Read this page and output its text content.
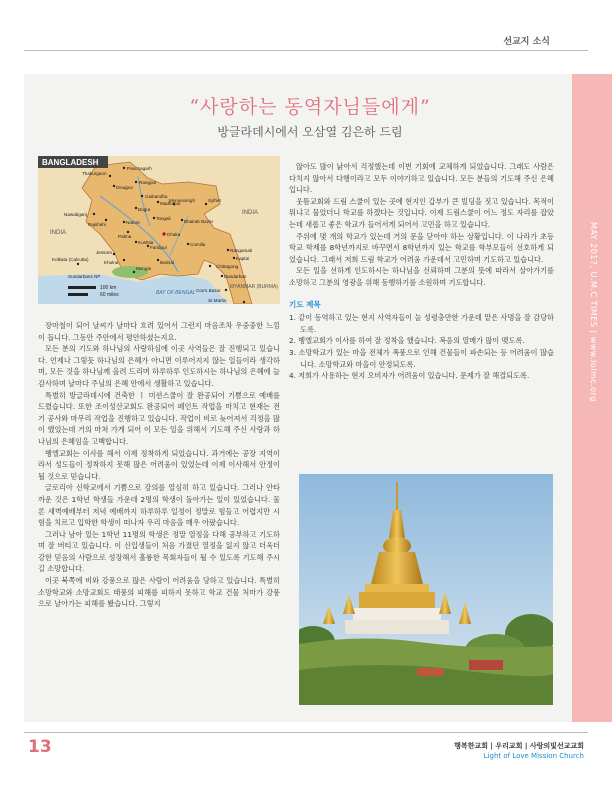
선교지 소식
MAY 2017, U.M.C TIMES | www.lolmc.org
“사랑하는 동역자님들에게”
방글라데시에서 오삼열 김은하 드림
BANGLADESH
INDIA
INDIA
MYANMAR (BURMA)
BAY OF BENGAL
Panchagarh
Thakurgaon
Rangpur
Dinajpur
Gaibandha
Mymensingh	Sylhet
Nawabganj
Rajshahi	Natore
Pabna
Tangail
Bogra
Bhairab Bazar
Jessore
Khulna
Dhaka
Comilla
Barisal
Chittagong
Cox's Bazar
St Martin
Kolkata (Calcutta)
Sundarbans NP
Mongla
Kushtia
Faridpur
Madhupur
Kaptai
Rangamati
Bandarban
100 km
60 miles

장마철이 되어 날씨가 날마다 흐려 있어서 그런지 마음조차 우중중한 느낌이 듭니다. 그동안 주안에서 평안하셨는지요.

모든 분의 기도와 하나님의 사랑하심에 이곳 사역들은 잘 진행되고 있습니다. 언제나 그렇듯 하나님의 은혜가 아니면 이루어지지 않는 일들이라 생각하며, 모든 것을 하나님께 올려 드리며 하루하루 인도하시는 하나님의 은혜에 늘 감사하며 날마다 주님의 은혜 안에서 생활하고 있습니다.

특별히 방글라데시에 건축한 ㅣ 미션스쿨이 잘 완공되어 기쁨으로 예배를 드렸습니다. 또한 조이성산교회도 완공되어 페인트 작업을 마치고 현재는 전기 공사와 마무리 작업을 진행하고 있습니다. 작업이 비로 늦어져서 걱정을 많이 했었는데 거의 마쳐 가게 되어 이 모든 일을 위해서 기도해 주신 사랑과 하나님의 은혜임을 고백합니다.

벵엘교회는 이사를 해서 이제 정착하게 되었습니다. 과거에는 공장 지역이라서 성도들이 정착하지 못해 많은 어려움이 있었는데 이제 이사해서 안정이 될 것으로 믿습니다.

글로리아 신학교에서 기쁨으로 강의를 열심히 하고 있습니다. 그러나 안타까운 것은 1학년 학생들 가운데 2명의 학생이 돌아가는 일이 있었습니다. 물론 새벽예배부터 저녁 예배까지 하루하루 일정이 정말로 힘들고 어렵지만 시험을 치르고 입학한 학생이 떠나자 우리 마음을 매우 아팠습니다.

그러나 남아 있는 1학년 11명의 학생은 정말 열정을 다해 공부하고 기도하며 잘 버티고 있습니다. 이 신입생들이 처음 가졌던 열정을 잃지 않고 더욱더 강한 믿음의 사람으로 성장해서 훌륭한 목회자들이 될 수 있도록 기도해 주시길 소망합니다.

이곳 북쪽에 비와 강풍으로 많은 사람이 어려움을 당하고 있습니다. 특별히 소망학교와 소망교회도 태풍의 피해를 피하지 못하고 학교 건물 처마가 강풍으로 날아가는 피해를 봤습니다. 그렇지

않아도 많이 낡아서 걱정했는데 이번 기회에 교체하게 되었습니다. 그래도 사람은 다치지 않아서 다행이라고 모두 이야기하고 있습니다. 모든 분들의 기도해 주신 은혜입니다.

웃뜸교회와 드림 스쿨이 있는 곳에 현지인 갑부가 큰 빌딩을 짓고 있습니다. 목적이 뭐냐고 물었더니 학교를 하겠다는 것입니다. 이제 드림스쿨이 어느 정도 자리를 잡았는데 새롭고 좋은 학교가 들어서게 되어서 고민을 하고 있습니다.

주위에 몇 개의 학교가 있는데 거의 문을 닫아야 하는 상황입니다. 이 나라가 초등학교 학제를 8학년까지로 바꾸면서 8학년까지 있는 학교를 학부모들이 선호하게 되었습니다. 그래서 저희 드림 학교가 어려움 가운데서 고민하며 기도하고 있습니다.

모든 일을 선하게 인도하시는 하나님을 신뢰하며 그분의 뜻에 따라서 살아가기를 소망하고 그분의 영광을 위해 동행하기를 소원하며 기도합니다.

기도 제목
1. 같이 동역하고 있는 현지 사역자들이 늘 성령충만한 가운데 맡은 사명을 잘 감당하도록.
2. 벵엘교회가 이사를 하여 잘 정착을 했습니다. 복음의 열매가 많이 맺도록.
3. 소망학교가 있는 마을 전체가 폭풍으로 인해 건물들이 파손되는 등 어려움이 많습니다. 소망학교와 마을이 안정되도록.
4. 저희가 사용하는 현지 오비자가 어려움이 있습니다. 문제가 잘 해결되도록.
13	행복한교회 | 우리교회 | 사랑의빛선교교회
Light of Love Mission Church
